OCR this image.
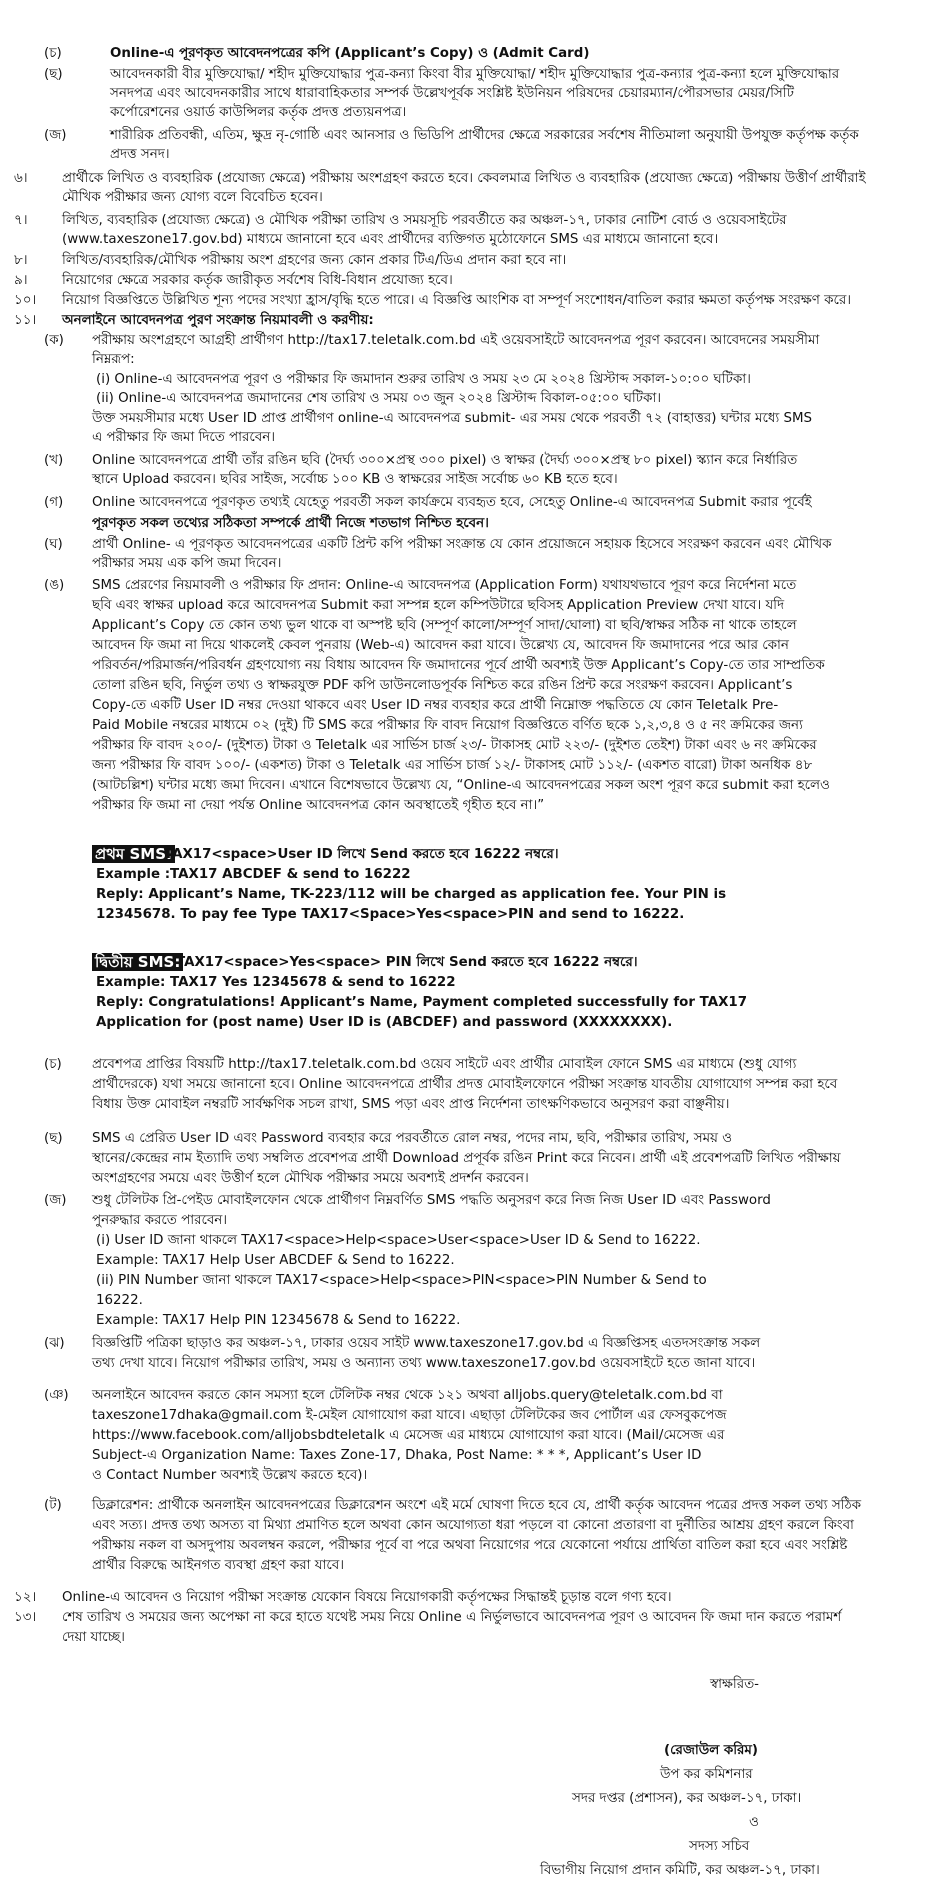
(চ)	Online-এ পূরণকৃত আবেদনপত্রের কপি (Applicant’s Copy) ও (Admit Card)
(ছ)	আবেদনকারী বীর মুক্তিযোদ্ধা/ শহীদ মুক্তিযোদ্ধার পুত্র-কন্যা কিংবা বীর মুক্তিযোদ্ধা/ শহীদ মুক্তিযোদ্ধার পুত্র-কন্যার পুত্র-কন্যা হলে মুক্তিযোদ্ধার
সনদপত্র এবং আবেদনকারীর সাথে ধারাবাহিকতার সম্পর্ক উল্লেখপূর্বক সংশ্লিষ্ট ইউনিয়ন পরিষদের চেয়ারম্যান/পৌরসভার মেয়র/সিটি
কর্পোরেশনের ওয়ার্ড কাউন্সিলর কর্তৃক প্রদত্ত প্রত্যয়নপত্র।
(জ)	শারীরিক প্রতিবন্ধী, এতিম, ক্ষুদ্র নৃ-গোষ্ঠি এবং আনসার ও ভিডিপি প্রার্থীদের ক্ষেত্রে সরকারের সর্বশেষ নীতিমালা অনুযায়ী উপযুক্ত কর্তৃপক্ষ কর্তৃক
প্রদত্ত সনদ।
৬।	প্রার্থীকে লিখিত ও ব্যবহারিক (প্রযোজ্য ক্ষেত্রে) পরীক্ষায় অংশগ্রহণ করতে হবে। কেবলমাত্র লিখিত ও ব্যবহারিক (প্রযোজ্য ক্ষেত্রে) পরীক্ষায় উত্তীর্ণ প্রার্থীরাই
মৌখিক পরীক্ষার জন্য যোগ্য বলে বিবেচিত হবেন।
৭।	লিখিত, ব্যবহারিক (প্রযোজ্য ক্ষেত্রে) ও মৌখিক পরীক্ষা তারিখ ও সময়সূচি পরবর্তীতে কর অঞ্চল-১৭, ঢাকার নোটিশ বোর্ড ও ওয়েবসাইটের
(www.taxeszone17.gov.bd) মাধ্যমে জানানো হবে এবং প্রার্থীদের ব্যক্তিগত মুঠোফোনে SMS এর মাধ্যমে জানানো হবে।
৮।	লিখিত/ব্যবহারিক/মৌখিক পরীক্ষায় অংশ গ্রহণের জন্য কোন প্রকার টিএ/ডিএ প্রদান করা হবে না।
৯।	নিয়োগের ক্ষেত্রে সরকার কর্তৃক জারীকৃত সর্বশেষ বিধি-বিধান প্রযোজ্য হবে।
১০। নিয়োগ বিজ্ঞপ্তিতে উল্লিখিত শূন্য পদের সংখ্যা হ্রাস/বৃদ্ধি হতে পারে। এ বিজ্ঞপ্তি আংশিক বা সম্পূর্ণ সংশোধন/বাতিল করার ক্ষমতা কর্তৃপক্ষ সংরক্ষণ করে।
১১। অনলাইনে আবেদনপত্র পুরণ সংক্রান্ত নিয়মাবলী ও করণীয়:
(ক) পরীক্ষায় অংশগ্রহণে আগ্রহী প্রার্থীগণ http://tax17.teletalk.com.bd এই ওয়েবসাইটে আবেদনপত্র পূরণ করবেন। আবেদনের সময়সীমা
নিম্নরূপ:
(i) Online-এ আবেদনপত্র পূরণ ও পরীক্ষার ফি জমাদান শুরুর তারিখ ও সময় ২৩ মে ২০২৪ খ্রিস্টাব্দ সকাল-১০:০০ ঘটিকা।
(ii) Online-এ আবেদনপত্র জমাদানের শেষ তারিখ ও সময় ০৩ জুন ২০২৪ খ্রিস্টাব্দ বিকাল-০৫:০০ ঘটিকা।
উক্ত সময়সীমার মধ্যে User ID প্রাপ্ত প্রার্থীগণ online-এ আবেদনপত্র submit- এর সময় থেকে পরবর্তী ৭২ (বাহাত্তর) ঘন্টার মধ্যে SMS
এ পরীক্ষার ফি জমা দিতে পারবেন।
(খ) Online আবেদনপত্রে প্রার্থী তাঁর রঙিন ছবি (দৈর্ঘ্য ৩০০×প্রস্থ ৩০০ pixel) ও স্বাক্ষর (দৈর্ঘ্য ৩০০×প্রস্থ ৮০ pixel) স্ক্যান করে নির্ধারিত
স্থানে Upload করবেন। ছবির সাইজ, সর্বোচ্চ ১০০ KB ও স্বাক্ষরের সাইজ সর্বোচ্চ ৬০ KB হতে হবে।
(গ) Online আবেদনপত্রে পূরণকৃত তথ্যই যেহেতু পরবর্তী সকল কার্যক্রমে ব্যবহৃত হবে, সেহেতু Online-এ আবেদনপত্র Submit করার পূর্বেই
পূরণকৃত সকল তথ্যের সঠিকতা সম্পর্কে প্রার্থী নিজে শতভাগ নিশ্চিত হবেন।
(ঘ) প্রার্থী Online- এ পূরণকৃত আবেদনপত্রের একটি প্রিন্ট কপি পরীক্ষা সংক্রান্ত যে কোন প্রয়োজনে সহায়ক হিসেবে সংরক্ষণ করবেন এবং মৌখিক
পরীক্ষার সময় এক কপি জমা দিবেন।
(ঙ) SMS প্রেরণের নিয়মাবলী ও পরীক্ষার ফি প্রদান: Online-এ আবেদনপত্র (Application Form) যথাযথভাবে পূরণ করে নির্দেশনা মতে
ছবি এবং স্বাক্ষর upload করে আবেদনপত্র Submit করা সম্পন্ন হলে কম্পিউটারে ছবিসহ Application Preview দেখা যাবে। যদি
Applicant’s Copy তে কোন তথ্য ভুল থাকে বা অস্পষ্ট ছবি (সম্পূর্ণ কালো/সম্পূর্ণ সাদা/ঘোলা) বা ছবি/স্বাক্ষর সঠিক না থাকে তাহলে
আবেদন ফি জমা না দিয়ে থাকলেই কেবল পুনরায় (Web-এ) আবেদন করা যাবে। উল্লেখ্য যে, আবেদন ফি জমাদানের পরে আর কোন
পরিবর্তন/পরিমার্জন/পরিবর্ধন গ্রহণযোগ্য নয় বিধায় আবেদন ফি জমাদানের পূর্বে প্রার্থী অবশ্যই উক্ত Applicant’s Copy-তে তার সাম্প্রতিক
তোলা রঙিন ছবি, নির্ভুল তথ্য ও স্বাক্ষরযুক্ত PDF কপি ডাউনলোডপূর্বক নিশ্চিত করে রঙিন প্রিন্ট করে সংরক্ষণ করবেন। Applicant’s
Copy-তে একটি User ID নম্বর দেওয়া থাকবে এবং User ID নম্বর ব্যবহার করে প্রার্থী নিম্নোক্ত পদ্ধতিতে যে কোন Teletalk Pre-
Paid Mobile নম্বরের মাধ্যমে ০২ (দুই) টি SMS করে পরীক্ষার ফি বাবদ নিয়োগ বিজ্ঞপ্তিতে বর্ণিত ছকে ১,২,৩,৪ ও ৫ নং ক্রমিকের জন্য
পরীক্ষার ফি বাবদ ২০০/- (দুইশত) টাকা ও Teletalk এর সার্ভিস চার্জ ২৩/- টাকাসহ মোট ২২৩/- (দুইশত তেইশ) টাকা এবং ৬ নং ক্রমিকের
জন্য পরীক্ষার ফি বাবদ ১০০/- (একশত) টাকা ও Teletalk এর সার্ভিস চার্জ ১২/- টাকাসহ মোট ১১২/- (একশত বারো) টাকা অনধিক ৪৮
(আটচল্লিশ) ঘন্টার মধ্যে জমা দিবেন। এখানে বিশেষভাবে উল্লেখ্য যে, “Online-এ আবেদনপত্রের সকল অংশ পূরণ করে submit করা হলেও
পরীক্ষার ফি জমা না দেয়া পর্যন্ত Online আবেদনপত্র কোন অবস্থাতেই গৃহীত হবে না।”
প্রথম SMS:
TAX17<space>User ID লিখে Send করতে হবে 16222 নম্বরে।
Example :TAX17 ABCDEF & send to 16222
Reply: Applicant’s Name, TK-223/112 will be charged as application fee. Your PIN is
12345678. To pay fee Type TAX17<Space>Yes<space>PIN and send to 16222.
দ্বিতীয় SMS:
TAX17<space>Yes<space> PIN লিখে Send করতে হবে 16222 নম্বরে।
Example: TAX17 Yes 12345678 & send to 16222
Reply: Congratulations! Applicant’s Name, Payment completed successfully for TAX17
Application for (post name) User ID is (ABCDEF) and password (XXXXXXXX).
(চ) প্রবেশপত্র প্রাপ্তির বিষয়টি http://tax17.teletalk.com.bd ওয়েব সাইটে এবং প্রার্থীর মোবাইল ফোনে SMS এর মাধ্যমে (শুধু যোগ্য
প্রার্থীদেরকে) যথা সময়ে জানানো হবে। Online আবেদনপত্রে প্রার্থীর প্রদত্ত মোবাইলফোনে পরীক্ষা সংক্রান্ত যাবতীয় যোগাযোগ সম্পন্ন করা হবে
বিধায় উক্ত মোবাইল নম্বরটি সার্বক্ষণিক সচল রাখা, SMS পড়া এবং প্রাপ্ত নির্দেশনা তাৎক্ষণিকভাবে অনুসরণ করা বাঞ্ছনীয়।
(ছ) SMS এ প্রেরিত User ID এবং Password ব্যবহার করে পরবর্তীতে রোল নম্বর, পদের নাম, ছবি, পরীক্ষার তারিখ, সময় ও
স্থানের/কেন্দ্রের নাম ইত্যাদি তথ্য সম্বলিত প্রবেশপত্র প্রার্থী Download প্রপূর্বক রঙিন Print করে নিবেন। প্রার্থী এই প্রবেশপত্রটি লিখিত পরীক্ষায়
অংশগ্রহণের সময়ে এবং উত্তীর্ণ হলে মৌখিক পরীক্ষার সময়ে অবশ্যই প্রদর্শন করবেন।
(জ) শুধু টেলিটক প্রি-পেইড মোবাইলফোন থেকে প্রার্থীগণ নিম্নবর্ণিত SMS পদ্ধতি অনুসরণ করে নিজ নিজ User ID এবং Password
পুনরুদ্ধার করতে পারবেন।
(i) User ID জানা থাকলে TAX17<space>Help<space>User<space>User ID & Send to 16222.
Example: TAX17 Help User ABCDEF & Send to 16222.
(ii) PIN Number জানা থাকলে TAX17<space>Help<space>PIN<space>PIN Number & Send to
16222.
Example: TAX17 Help PIN 12345678 & Send to 16222.
(ঝ) বিজ্ঞপ্তিটি পত্রিকা ছাড়াও কর অঞ্চল-১৭, ঢাকার ওয়েব সাইট www.taxeszone17.gov.bd এ বিজ্ঞপ্তিসহ এতদসংক্রান্ত সকল
তথ্য দেখা যাবে। নিয়োগ পরীক্ষার তারিখ, সময় ও অন্যান্য তথ্য www.taxeszone17.gov.bd ওয়েবসাইটে হতে জানা যাবে।
(ঞ) অনলাইনে আবেদন করতে কোন সমস্যা হলে টেলিটক নম্বর থেকে ১২১ অথবা alljobs.query@teletalk.com.bd বা
taxeszone17dhaka@gmail.com ই-মেইল যোগাযোগ করা যাবে। এছাড়া টেলিটকের জব পোর্টাল এর ফেসবুকপেজ
https://www.facebook.com/alljobsbdteletalk এ মেসেজ এর মাধ্যমে যোগাযোগ করা যাবে। (Mail/মেসেজ এর
Subject-এ Organization Name: Taxes Zone-17, Dhaka, Post Name: * * *, Applicant’s User ID
ও Contact Number অবশ্যই উল্লেখ করতে হবে)।
(ট) ডিক্লারেশন: প্রার্থীকে অনলাইন আবেদনপত্রের ডিক্লারেশন অংশে এই মর্মে ঘোষণা দিতে হবে যে, প্রার্থী কর্তৃক আবেদন পত্রের প্রদত্ত সকল তথ্য সঠিক
এবং সত্য। প্রদত্ত তথ্য অসত্য বা মিথ্যা প্রমাণিত হলে অথবা কোন অযোগ্যতা ধরা পড়লে বা কোনো প্রতারণা বা দুর্নীতির আশ্রয় গ্রহণ করলে কিংবা
পরীক্ষায় নকল বা অসদুপায় অবলম্বন করলে, পরীক্ষার পূর্বে বা পরে অথবা নিয়োগের পরে যেকোনো পর্যায়ে প্রার্থিতা বাতিল করা হবে এবং সংশ্লিষ্ট
প্রার্থীর বিরুদ্ধে আইনগত ব্যবস্থা গ্রহণ করা যাবে।
১২। Online-এ আবেদন ও নিয়োগ পরীক্ষা সংক্রান্ত যেকোন বিষয়ে নিয়োগকারী কর্তৃপক্ষের সিদ্ধান্তই চূড়ান্ত বলে গণ্য হবে।
১৩। শেষ তারিখ ও সময়ের জন্য অপেক্ষা না করে হাতে যথেষ্ট সময় নিয়ে Online এ নির্ভুলভাবে আবেদনপত্র পূরণ ও আবেদন ফি জমা দান করতে পরামর্শ
দেয়া যাচ্ছে।
স্বাক্ষরিত-
(রেজাউল করিম)
উপ কর কমিশনার
সদর দপ্তর (প্রশাসন), কর অঞ্চল-১৭, ঢাকা।
ও
সদস্য সচিব
বিভাগীয় নিয়োগ প্রদান কমিটি, কর অঞ্চল-১৭, ঢাকা।
